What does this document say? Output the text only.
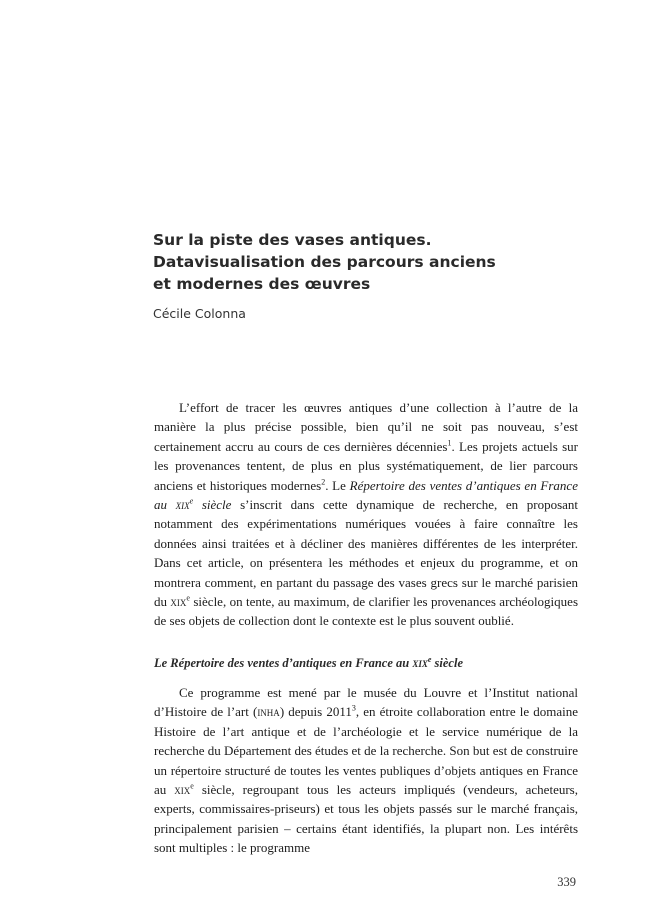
Sur la piste des vases antiques.
Datavisualisation des parcours anciens
et modernes des œuvres

Cécile Colonna

L’effort de tracer les œuvres antiques d’une collection à l’autre de la manière la plus précise possible, bien qu’il ne soit pas nouveau, s’est certainement accru au cours de ces dernières décennies$^1$. Les projets actuels sur les provenances tentent, de plus en plus systématiquement, de lier parcours anciens et historiques modernes$^2$. Le Répertoire des ventes d’antiques en France au xix$^e$ siècle s’inscrit dans cette dynamique de recherche, en proposant notamment des expérimentations numériques vouées à faire connaître les données ainsi traitées et à décliner des manières différentes de les interpréter. Dans cet article, on présentera les méthodes et enjeux du programme, et on montrera comment, en partant du passage des vases grecs sur le marché parisien du xix$^e$ siècle, on tente, au maximum, de clarifier les provenances archéologiques de ses objets de collection dont le contexte est le plus souvent oublié.

Le Répertoire des ventes d’antiques en France au xix$^e$ siècle

Ce programme est mené par le musée du Louvre et l’Institut national d’Histoire de l’art (inha) depuis 2011$^3$, en étroite collaboration entre le domaine Histoire de l’art antique et de l’archéologie et le service numérique de la recherche du Département des études et de la recherche. Son but est de construire un répertoire structuré de toutes les ventes publiques d’objets antiques en France au xix$^e$ siècle, regroupant tous les acteurs impliqués (vendeurs, acheteurs, experts, commissaires-priseurs) et tous les objets passés sur le marché français, principalement parisien – certains étant identifiés, la plupart non. Les intérêts sont multiples : le programme

339
